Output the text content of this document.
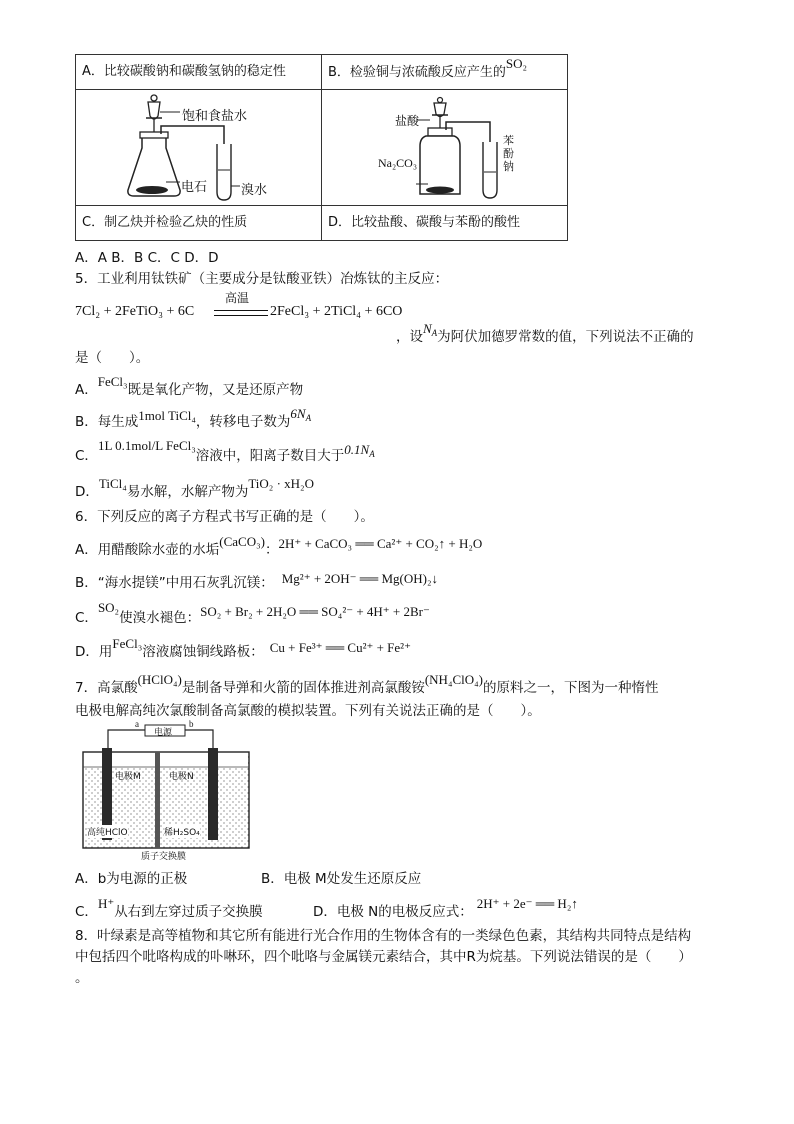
A．比较碳酸钠和碳酸氢钠的稳定性	B．检验铜与浓硫酸反应产生的SO₂

饱和食盐水
电石 溴水	盐酸
Na₂CO₃
苯
酚
钠

C．制乙炔并检验乙炔的性质	D．比较盐酸、碳酸与苯酚的酸性
A．A B．B C．C D．D
5．工业利用钛铁矿（主要成分是钛酸亚铁）冶炼钛的主反应：
7Cl₂ + 2FeTiO₃ + 6C
高温
2FeCl₃ + 2TiCl₄ + 6CO
，设$N_A$为阿伏加德罗常数的值，下列说法不正确的
是（　　）。
A．FeCl₃既是氧化产物，又是还原产物
B．每生成1mol TiCl₄，转移电子数为$6N_A$
C．1L 0.1mol/L FeCl₃溶液中，阳离子数目大于$0.1N_A$
D．TiCl₄易水解，水解产物为TiO₂ · xH₂O
6．下列反应的离子方程式书写正确的是（　　）。
A．用醋酸除水壶的水垢(CaCO₃)：2H⁺ + CaCO₃ ══ Ca²⁺ + CO₂↑ + H₂O
B．“海水提镁”中用石灰乳沉镁： Mg²⁺ + 2OH⁻ ══ Mg(OH)₂↓
C．SO₂使溴水褪色：SO₂ + Br₂ + 2H₂O ══ SO₄²⁻ + 4H⁺ + 2Br⁻
D．用FeCl₃溶液腐蚀铜线路板： Cu + Fe³⁺ ══ Cu²⁺ + Fe²⁺
7．高氯酸(HClO₄)是制备导弹和火箭的固体推进剂高氯酸铵(NH₄ClO₄)的原料之一，下图为一种惰性
电极电解高纯次氯酸制备高氯酸的模拟装置。下列有关说法正确的是（　　）。
电源
a	b
电极M	电极N
高纯HClO	稀H₂SO₄
质子交换膜
A．b为电源的正极	B．电极 M处发生还原反应
C．H⁺从右到左穿过质子交换膜	D．电极 N的电极反应式：2H⁺ + 2e⁻ ══ H₂↑
8．叶绿素是高等植物和其它所有能进行光合作用的生物体含有的一类绿色色素，其结构共同特点是结构
中包括四个吡咯构成的卟啉环，四个吡咯与金属镁元素结合，其中R为烷基。下列说法错误的是（　　）
。
